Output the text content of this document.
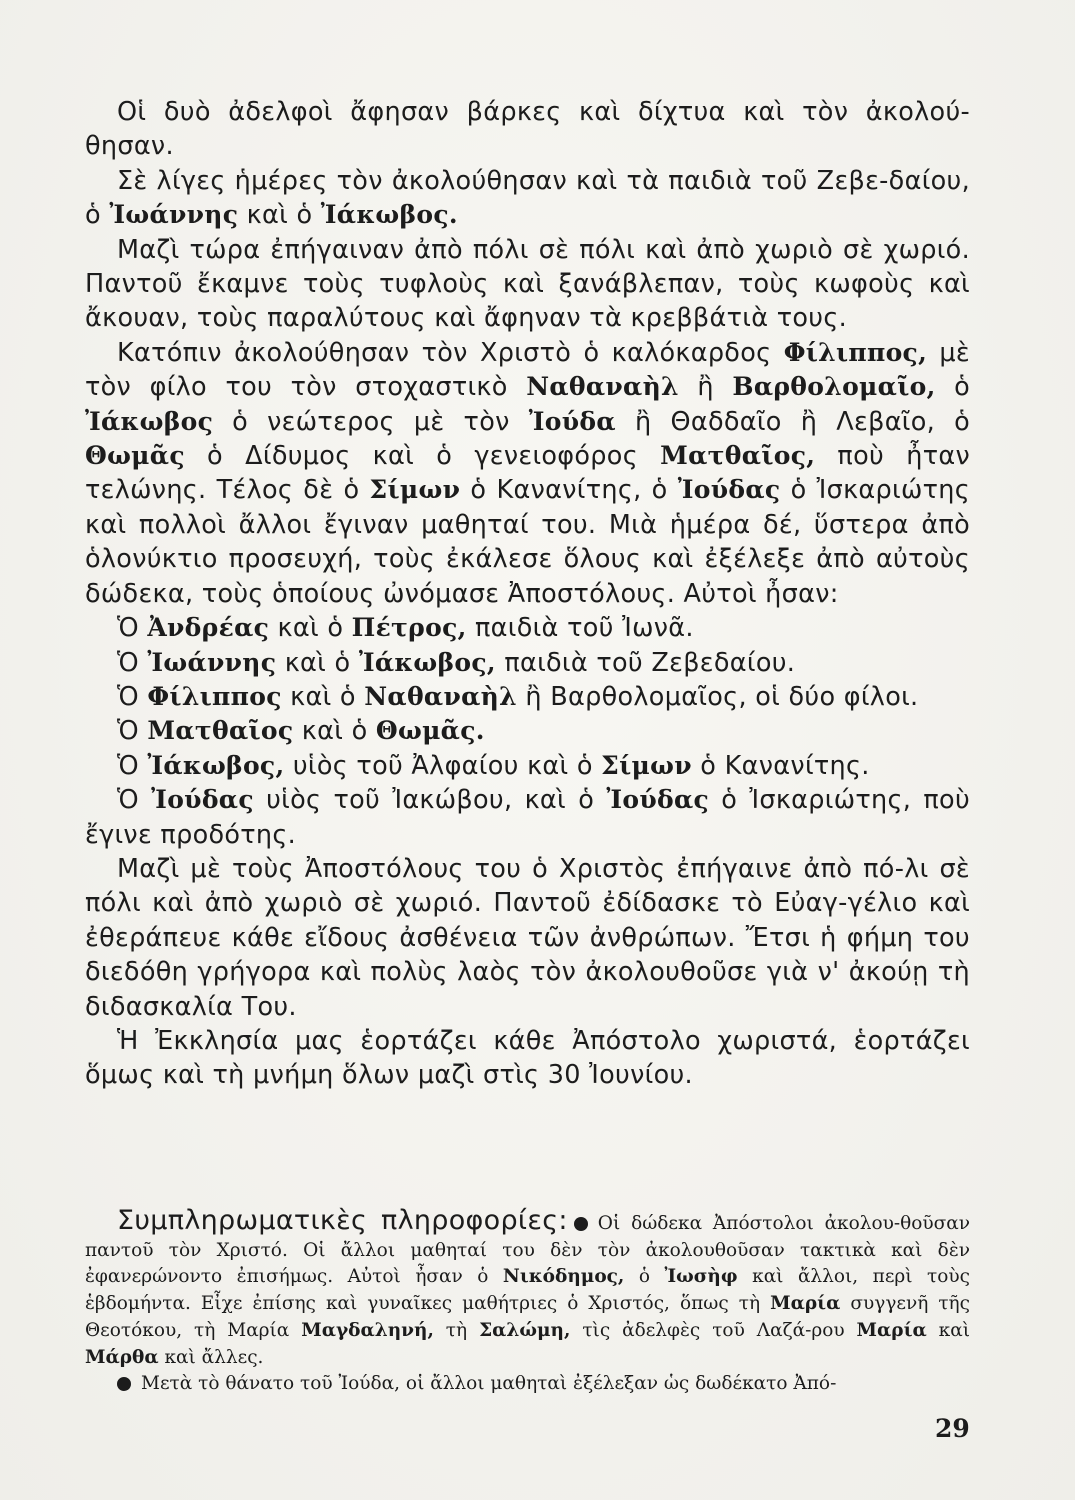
Οἱ δυὸ ἀδελφοὶ ἄφησαν βάρκες καὶ δίχτυα καὶ τὸν ἀκολού-θησαν.

Σὲ λίγες ἡμέρες τὸν ἀκολούθησαν καὶ τὰ παιδιὰ τοῦ Ζεβε-δαίου, ὁ Ἰωάννης καὶ ὁ Ἰάκωβος.

Μαζὶ τώρα ἐπήγαιναν ἀπὸ πόλι σὲ πόλι καὶ ἀπὸ χωριὸ σὲ χωριό. Παντοῦ ἔκαμνε τοὺς τυφλοὺς καὶ ξανάβλεπαν, τοὺς κωφοὺς καὶ ἄκουαν, τοὺς παραλύτους καὶ ἄφηναν τὰ κρεββάτιὰ τους.

Κατόπιν ἀκολούθησαν τὸν Χριστὸ ὁ καλόκαρδος Φίλιππος, μὲ τὸν φίλο του τὸν στοχαστικὸ Ναθαναὴλ ἢ Βαρθολομαῖο, ὁ Ἰάκωβος ὁ νεώτερος μὲ τὸν Ἰούδα ἢ Θαδδαῖο ἢ Λεβαῖο, ὁ Θωμᾶς ὁ Δίδυμος καὶ ὁ γενειοφόρος Ματθαῖος, ποὺ ἦταν τελώνης. Τέλος δὲ ὁ Σίμων ὁ Κανανίτης, ὁ Ἰούδας ὁ Ἰσκαριώτης καὶ πολλοὶ ἄλλοι ἔγιναν μαθηταί του. Μιὰ ἡμέρα δέ, ὕστερα ἀπὸ ὁλονύκτιο προσευχή, τοὺς ἐκάλεσε ὅλους καὶ ἐξέλεξε ἀπὸ αὐτοὺς δώδεκα, τοὺς ὁποίους ὠνόμασε Ἀποστόλους. Αὐτοὶ ἦσαν:

Ὁ Ἀνδρέας καὶ ὁ Πέτρος, παιδιὰ τοῦ Ἰωνᾶ.
Ὁ Ἰωάννης καὶ ὁ Ἰάκωβος, παιδιὰ τοῦ Ζεβεδαίου.
Ὁ Φίλιππος καὶ ὁ Ναθαναὴλ ἢ Βαρθολομαῖος, οἱ δύο φίλοι.
Ὁ Ματθαῖος καὶ ὁ Θωμᾶς.
Ὁ Ἰάκωβος, υἱὸς τοῦ Ἀλφαίου καὶ ὁ Σίμων ὁ Κανανίτης.

Ὁ Ἰούδας υἱὸς τοῦ Ἰακώβου, καὶ ὁ Ἰούδας ὁ Ἰσκαριώτης, ποὺ ἔγινε προδότης.

Μαζὶ μὲ τοὺς Ἀποστόλους του ὁ Χριστὸς ἐπήγαινε ἀπὸ πό-λι σὲ πόλι καὶ ἀπὸ χωριὸ σὲ χωριό. Παντοῦ ἐδίδασκε τὸ Εὐαγ-γέλιο καὶ ἐθεράπευε κάθε εἴδους ἀσθένεια τῶν ἀνθρώπων. Ἔτσι ἡ φήμη του διεδόθη γρήγορα καὶ πολὺς λαὸς τὸν ἀκολουθοῦσε γιὰ ν' ἀκούῃ τὴ διδασκαλία Του.

Ἡ Ἐκκλησία μας ἑορτάζει κάθε Ἀπόστολο χωριστά, ἑορτάζει ὅμως καὶ τὴ μνήμη ὅλων μαζὶ στὶς 30 Ἰουνίου.

Συμπληρωματικὲς πληροφορίες: Οἱ δώδεκα Ἀπόστολοι ἀκολου-θοῦσαν παντοῦ τὸν Χριστό. Οἱ ἄλλοι μαθηταί του δὲν τὸν ἀκολουθοῦσαν τακτικὰ καὶ δὲν ἐφανερώνοντο ἐπισήμως. Αὐτοὶ ἦσαν ὁ Νικόδημος, ὁ Ἰωσὴφ καὶ ἄλλοι, περὶ τοὺς ἑβδομήντα. Εἶχε ἐπίσης καὶ γυναῖκες μαθήτριες ὁ Χριστός, ὅπως τὴ Μαρία συγγενῆ τῆς Θεοτόκου, τὴ Μαρία Μαγδαληνή, τὴ Σαλώμη, τὶς ἀδελφὲς τοῦ Λαζά-ρου Μαρία καὶ Μάρθα καὶ ἄλλες.
Μετὰ τὸ θάνατο τοῦ Ἰούδα, οἱ ἄλλοι μαθηταὶ ἐξέλεξαν ὡς δωδέκατο Ἀπό-
29
